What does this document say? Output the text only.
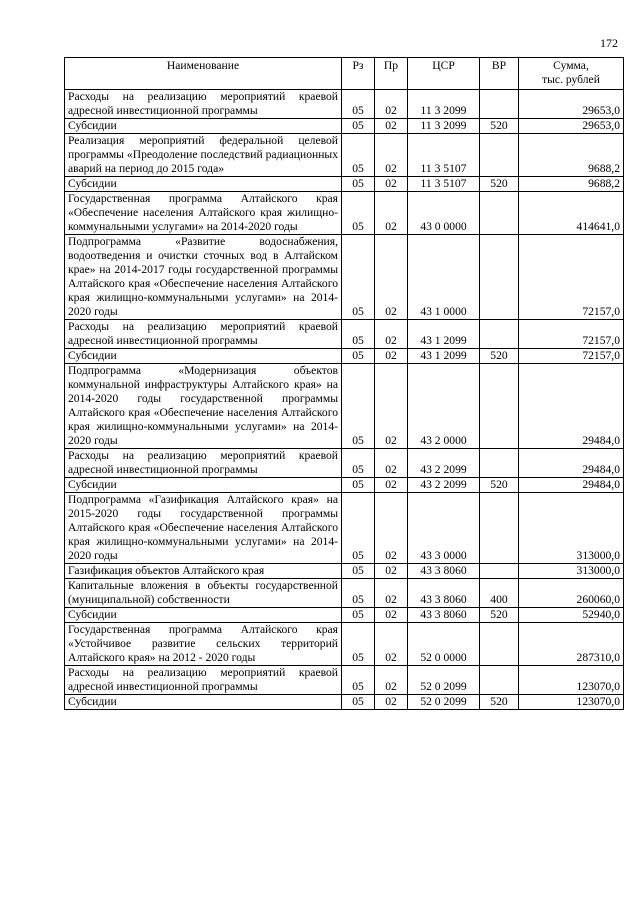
172
Наименование	Рз	Пр	ЦСР	ВР	Сумма,
тыс. рублей

Расходы на реализацию мероприятий краевой адресной инвестиционной программы	05	02	11 3 2099		29653,0
Субсидии	05	02	11 3 2099	520	29653,0
Реализация мероприятий федеральной целевой программы «Преодоление последствий радиационных аварий на период до 2015 года»	05	02	11 3 5107		9688,2
Субсидии	05	02	11 3 5107	520	9688,2
Государственная программа Алтайского края «Обеспечение населения Алтайского края жилищно-коммунальными услугами» на 2014-2020 годы	05	02	43 0 0000		414641,0
Подпрограмма «Развитие водоснабжения, водоотведения и очистки сточных вод в Алтайском крае» на 2014-2017 годы государственной программы Алтайского края «Обеспечение населения Алтайского края жилищно-коммунальными услугами» на 2014-2020 годы	05	02	43 1 0000		72157,0
Расходы на реализацию мероприятий краевой адресной инвестиционной программы	05	02	43 1 2099		72157,0
Субсидии	05	02	43 1 2099	520	72157,0
Подпрограмма «Модернизация объектов коммунальной инфраструктуры Алтайского края» на 2014-2020 годы государственной программы Алтайского края «Обеспечение населения Алтайского края жилищно-коммунальными услугами» на 2014-2020 годы	05	02	43 2 0000		29484,0
Расходы на реализацию мероприятий краевой адресной инвестиционной программы	05	02	43 2 2099		29484,0
Субсидии	05	02	43 2 2099	520	29484,0
Подпрограмма «Газификация Алтайского края» на 2015-2020 годы государственной программы Алтайского края «Обеспечение населения Алтайского края жилищно-коммунальными услугами» на 2014-2020 годы	05	02	43 3 0000		313000,0
Газификация объектов Алтайского края	05	02	43 3 8060		313000,0
Капитальные вложения в объекты государственной (муниципальной) собственности	05	02	43 3 8060	400	260060,0
Субсидии	05	02	43 3 8060	520	52940,0
Государственная программа Алтайского края «Устойчивое развитие сельских территорий Алтайского края» на 2012 - 2020 годы	05	02	52 0 0000		287310,0
Расходы на реализацию мероприятий краевой адресной инвестиционной программы	05	02	52 0 2099		123070,0
Субсидии	05	02	52 0 2099	520	123070,0
